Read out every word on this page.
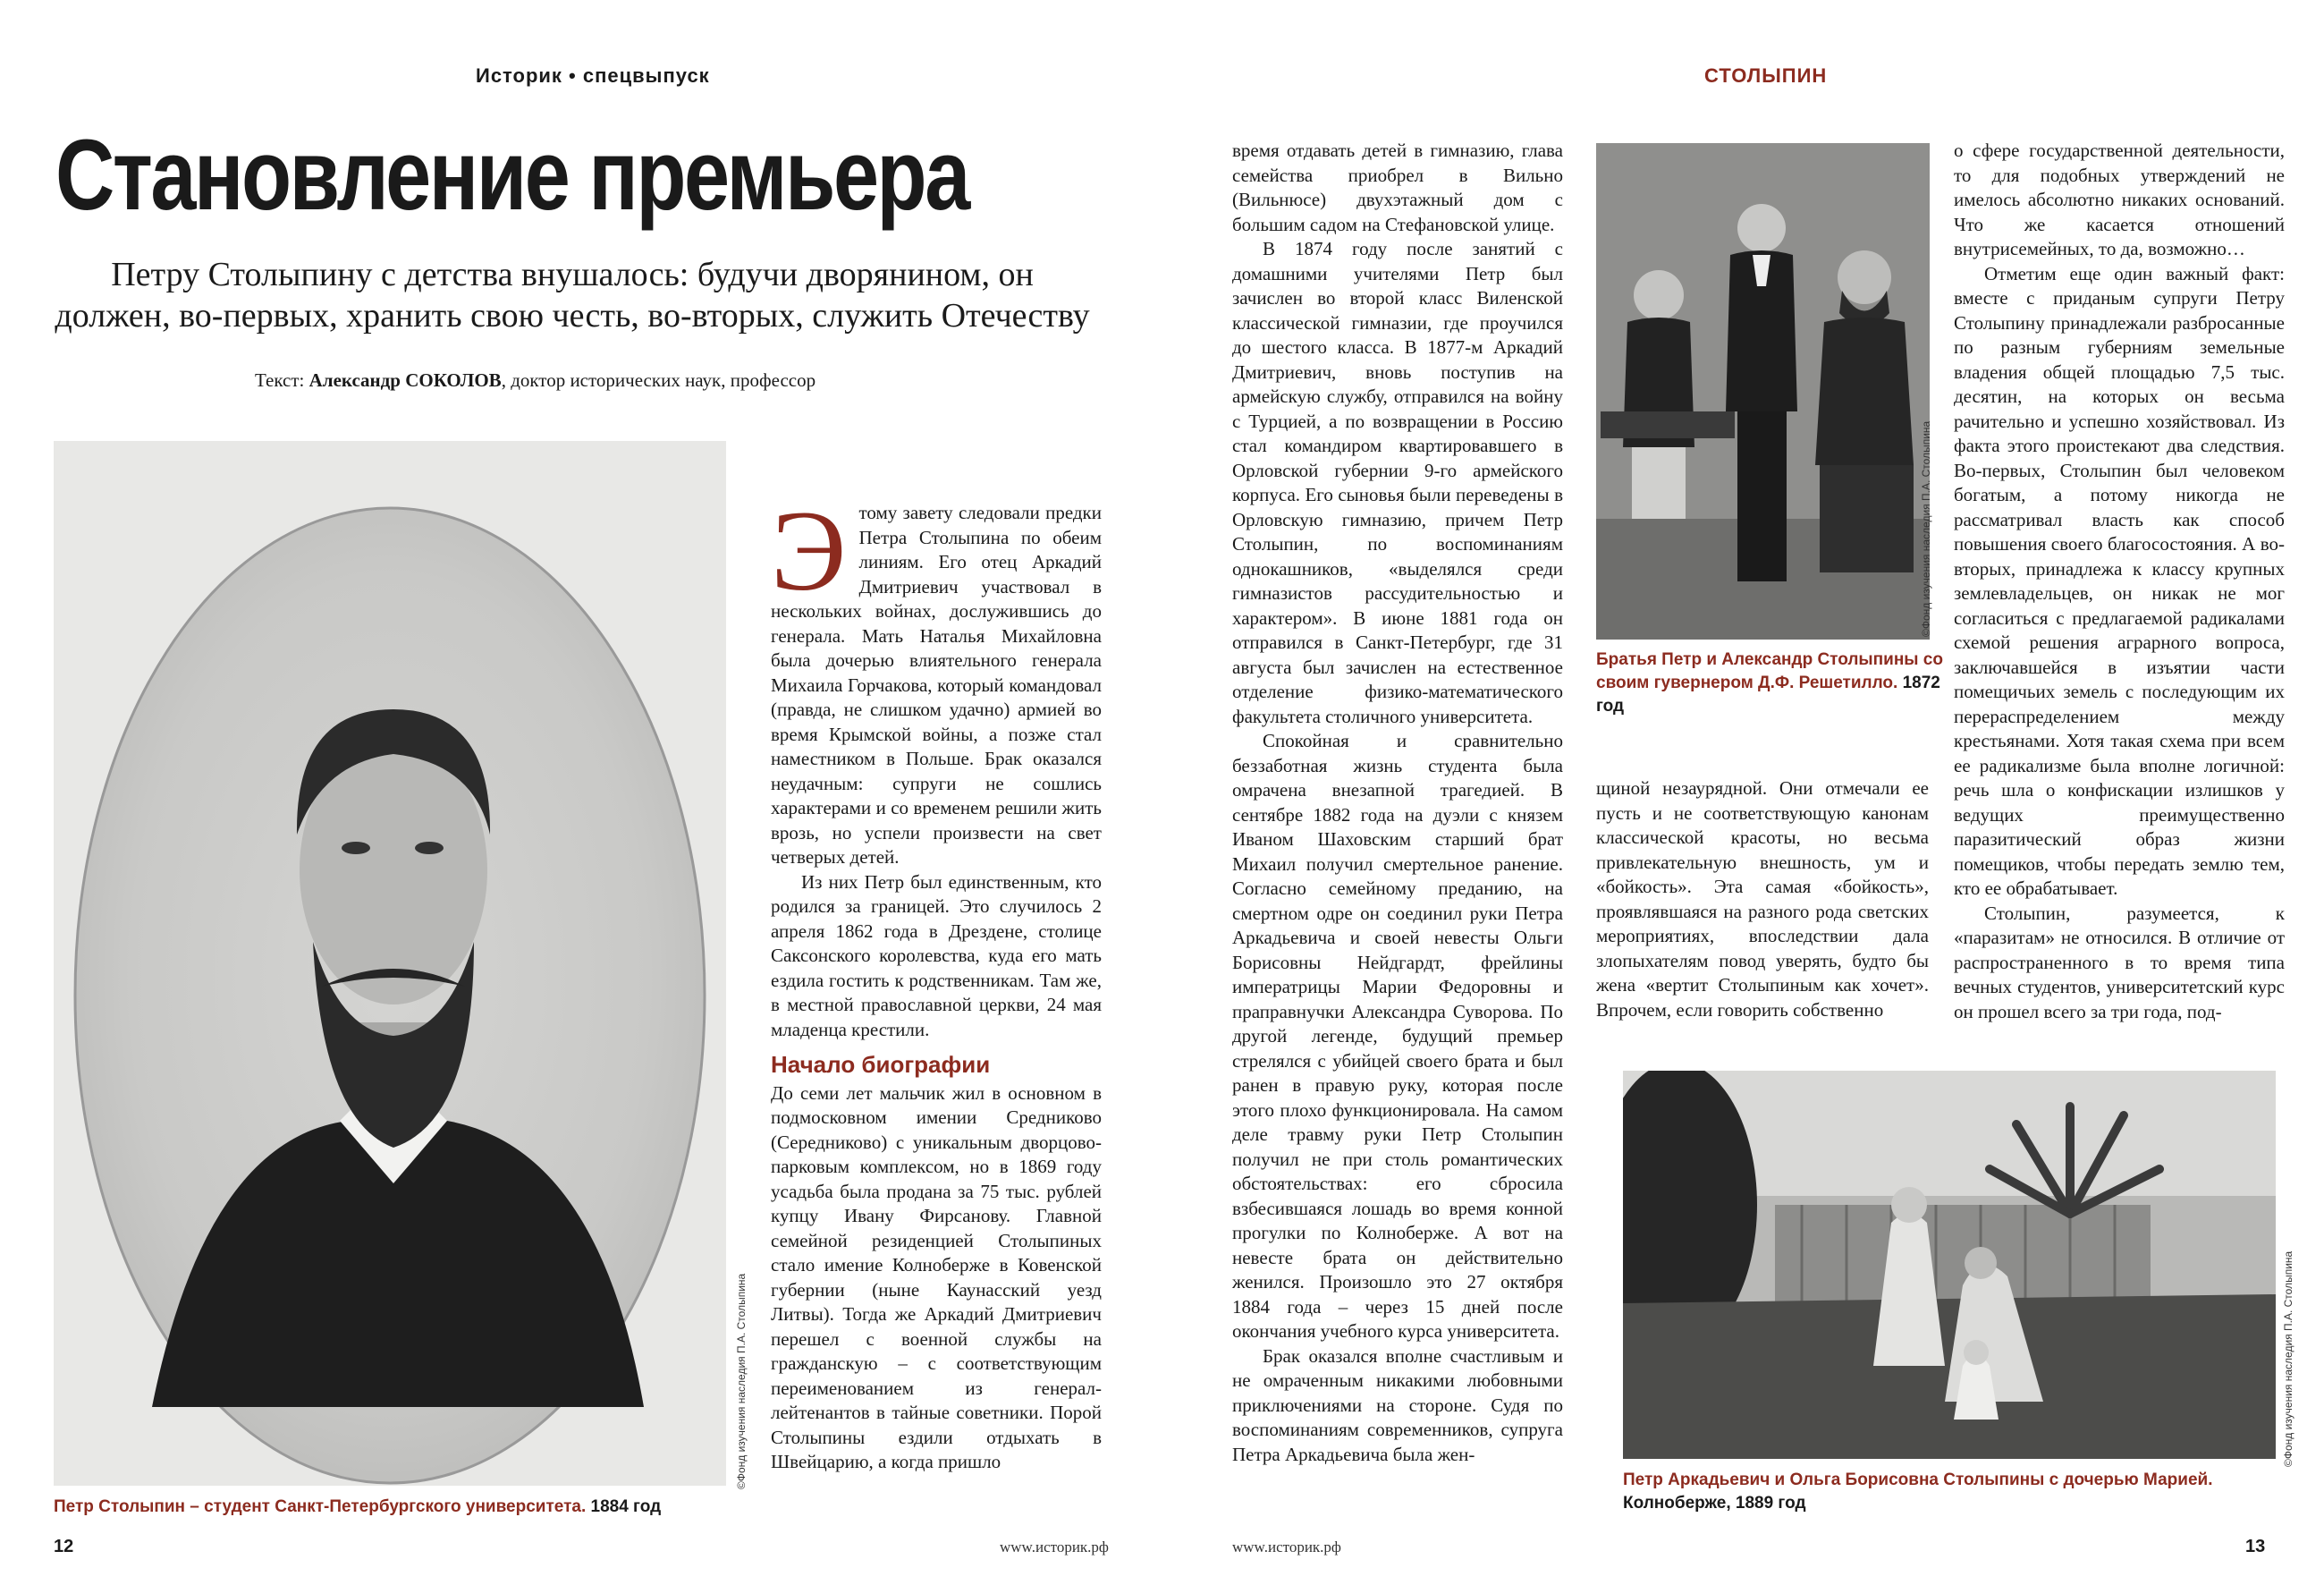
Историк • спецвыпуск
Становление премьера
Петру Столыпину с детства внушалось: будучи дворянином, он должен, во-первых, хранить свою честь, во-вторых, служить Отечеству
Текст: Александр СОКОЛОВ, доктор исторических наук, профессор
©Фонд изучения наследия П.А. Столыпина
Петр Столыпин – студент Санкт-Петербургского университета. 1884 год
Э тому завету следовали предки Петра Столыпина по обеим линиям. Его отец Аркадий Дмитриевич участвовал в нескольких войнах, дослужившись до генерала. Мать Наталья Михайловна была дочерью влиятельного генерала Михаила Горчакова, который командовал (правда, не слишком удачно) армией во время Крымской войны, а позже стал наместником в Польше. Брак оказался неудачным: супруги не сошлись характерами и со временем решили жить врозь, но успели произвести на свет четверых детей.

Из них Петр был единственным, кто родился за границей. Это случилось 2 апреля 1862 года в Дрездене, столице Саксонского королевства, куда его мать ездила гостить к родственникам. Там же, в местной православной церкви, 24 мая младенца крестили.

Начало биографии

До семи лет мальчик жил в основном в подмосковном имении Средниково (Середниково) с уникальным дворцово-парковым комплексом, но в 1869 году усадьба была продана за 75 тыс. рублей купцу Ивану Фирсанову. Главной семейной резиденцией Столыпиных стало имение Колноберже в Ковенской губернии (ныне Каунасский уезд Литвы). Тогда же Аркадий Дмитриевич перешел с военной службы на гражданскую – с соответствующим переименованием из генерал-лейтенантов в тайные советники. Порой Столыпины ездили отдыхать в Швейцарию, а когда пришло

12	www.историк.рф
СТОЛЫПИН

время отдавать детей в гимназию, глава семейства приобрел в Вильно (Вильнюсе) двухэтажный дом с большим садом на Стефановской улице.

В 1874 году после занятий с домашними учителями Петр был зачислен во второй класс Виленской классической гимназии, где проучился до шестого класса. В 1877-м Аркадий Дмитриевич, вновь поступив на армейскую службу, отправился на войну с Турцией, а по возвращении в Россию стал командиром квартировавшего в Орловской губернии 9-го армейского корпуса. Его сыновья были переведены в Орловскую гимназию, причем Петр Столыпин, по воспоминаниям однокашников, «выделялся среди гимназистов рассудительностью и характером». В июне 1881 года он отправился в Санкт-Петербург, где 31 августа был зачислен на естественное отделение физико-математического факультета столичного университета.

Спокойная и сравнительно беззаботная жизнь студента была омрачена внезапной трагедией. В сентябре 1882 года на дуэли с князем Иваном Шаховским старший брат Михаил получил смертельное ранение. Согласно семейному преданию, на смертном одре он соединил руки Петра Аркадьевича и своей невесты Ольги Борисовны Нейдгардт, фрейлины императрицы Марии Федоровны и праправнучки Александра Суворова. По другой легенде, будущий премьер стрелялся с убийцей своего брата и был ранен в правую руку, которая после этого плохо функционировала. На самом деле травму руки Петр Столыпин получил не при столь романтических обстоятельствах: его сбросила взбесившаяся лошадь во время конной прогулки по Колноберже. А вот на невесте брата он действительно женился. Произошло это 27 октября 1884 года – через 15 дней после окончания учебного курса университета.

Брак оказался вполне счастливым и не омраченным никакими любовными приключениями на стороне. Судя по воспоминаниям современников, супруга Петра Аркадьевича была жен-

©Фонд изучения наследия П.А. Столыпина
Братья Петр и Александр Столыпины со своим гувернером Д.Ф. Решетилло. 1872 год

щиной незаурядной. Они отмечали ее пусть и не соответствующую канонам классической красоты, но весьма привлекательную внешность, ум и «бойкость». Эта самая «бойкость», проявлявшаяся на разного рода светских мероприятиях, впоследствии дала злопыхателям повод уверять, будто бы жена «вертит Столыпиным как хочет». Впрочем, если говорить собственно

о сфере государственной деятельности, то для подобных утверждений не имелось абсолютно никаких оснований. Что же касается отношений внутрисемейных, то да, возможно…

Отметим еще один важный факт: вместе с приданым супруги Петру Столыпину принадлежали разбросанные по разным губерниям земельные владения общей площадью 7,5 тыс. десятин, на которых он весьма рачительно и успешно хозяйствовал. Из факта этого проистекают два следствия. Во-первых, Столыпин был человеком богатым, а потому никогда не рассматривал власть как способ повышения своего благосостояния. А во-вторых, принадлежа к классу крупных землевладельцев, он никак не мог согласиться с предлагаемой радикалами схемой решения аграрного вопроса, заключавшейся в изъятии части помещичьих земель с последующим их перераспределением между крестьянами. Хотя такая схема при всем ее радикализме была вполне логичной: речь шла о конфискации излишков у ведущих преимущественно паразитический образ жизни помещиков, чтобы передать землю тем, кто ее обрабатывает.

Столыпин, разумеется, к «паразитам» не относился. В отличие от распространенного в то время типа вечных студентов, университетский курс он прошел всего за три года, под-

©Фонд изучения наследия П.А. Столыпина
Петр Аркадьевич и Ольга Борисовна Столыпины с дочерью Марией.
Колноберже, 1889 год
www.историк.рф	13
